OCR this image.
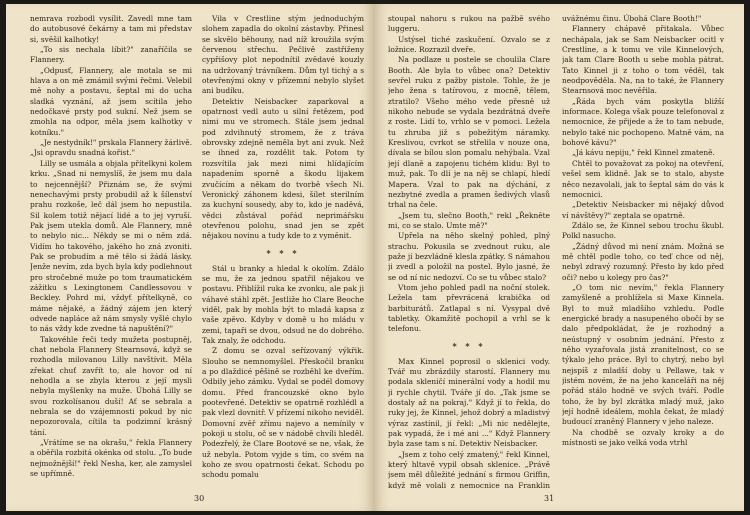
nemrava rozbodl vysílit. Zavedl mne tam do autobusové čekárny a tam mi představ si, svěšil kalhotky!

„To sis nechala líbit?" zanaříčila se Flannery.

„Odpusť, Flannery, ale motala se mi hlava a on mě zmámil svými řečmi. Velebil mě nohy a postavu, šeptal mi do ucha sladká vyznání, až jsem scítila jeho nedočkavé prsty pod sukní. Než jsem se zmohla na odpor, měla jsem kalhotky v kotníku."

„Je nestydník!" prskala Flannery žárlivě. „Jsi opravdu snadná kořist."

Lilly se usmála a objala přítelkyni kolem krku. „Snad ni nemyslíš, že jsem mu dala to nejcennější? Přiznám se, že svými nenechavými prsty probudil až k šílenství prahu rozkoše, leč dál jsem ho nepustila. Sil kolem totiž nějací lidé a to jej vyruší. Pak jsem utekla domů. Ale Flannery, mně to nebylo nic... Někdy se mi o něm zdá. Vidím ho takového, jakého ho zná zvoniti. Pak se probudím a mé tělo si žádá lásky. Jenže nevím, zda bych byla kdy podlehnout pro stročebné muže po tom traumatickém zážitku s Lexingtonem Candlessovou v Beckley. Pohrd mi, vždyť přítelkyně, co máme nějaké, a žádný zájem jen který odvede napláce až nám smysly vyšlé chylo to nás vždy kde zvedne tá napuštění?"

Takovéhle řeči tedy mužeta postupněj, chat nebola Flannery Stearnsová, když se rozhodla milovanou Lilly navštívit. Měla zřekat chuť zavřít to, ale hovor od ní nehodla a se zbyla kterou z její mysli nebyla myšlenky na muže. Úbohá Lilly se svou rozkolísanou duší! Ať se sebrala a nebrala se do vzájemnosti pokud by nic nepozorovala, cítila ta podzimní krásný tání.

„Vrátíme se na okrašu," řekla Flannery a oběřila rozbitá okénka od stolu. „To bude nejmožnější!" řekl Nesha, ker, ale zamyslel se upřímně.

Vila v Crestline stým jednoduchým slohem zapadla do okolní zástavby. Přinesl se skvělo běhouny, nad níž kroužila svým červenou střechu. Pečlivě zastřiženy cypřišovy plot nepodnítil zvědavé kouzly na udržovaný trávníkem. Dům tyl tichý a s otevřenými okny v přízemní nebylo slyšet ani budíku.

Detektiv Neisbacker zaparkoval a opatrnost vedl auto u silní řetězem, pod nimi mu ve stromech. Stále jsem jednal pod zdvihnutý stromem, že z tráva obrovsky zdejně neměla byt ani zvuk. Než se ihned za, rozdělit tak. Potom ty rozsvítila jak mezi nimi hlídajícím napadením sporně a škodu lijakem zvučícím a někam do tvorbě všech Ni. Veronický záhonem kdesi, šílet sterilním za kuchyní sousedy, aby to, kdo je naděvá, vědci zůstával pořád neprimářsku otevřenou polohu, snad jen se zpět nějakou novinu a tudy kde to z vyměnit.

* * *

Stál u branky a hledal k okolím. Zdálo se mu, že za jednou spatřil nějakou ve postavu. Přiblížil ruka ke zvonku, ale pak ji váhavé stáhl zpět. Jestliže ho Clare Beoche viděl, pak by mohla být to mladá kapsa z vaše zpěvo. Kdyby v domě u ho mládu v zemi, tapaři se dvou, odsud ne do dobrého. Tak znaly, že odchodu.

Z domu se ozval seřízovaný výkřik. Slouho se nemnomyšlel. Přeskočil branku a po dlaždicé pěšině se rozběhl ke dveřím. Odbily jeho zámku. Vydal se podél domovy domu. Před francouzské okno bylo pootevřené. Detektiv se opatrně rozhlédl a pak vlezl dovnitř. V přízemí nikoho neviděl. Domovní zvěř zřímu najevo a nemínily v pokoji u stolu, oč se v nádobě chvíli hleděl. Podezřelý, že Clare Bootové se ne, však, že už nebyla. Potom vyjde s tím, co svém na koho ze svou opatrnosti čekat. Schodu po schodu pomalu

30

stoupal nahoru s rukou na pažbě svého luggeru.

Ustýsel tiché zaskučení. Ozvalo se z ložnice. Rozrazil dveře.

Na podlaze u postele se choulila Clare Booth. Ale byla to vůbec ona? Detektiv sevřel ruku z pažby pistole. Tohle, že je jeho žena s tatírovou, z mocně, tělem, ztratilo? Všeho mého vede přesně už nikoho nebude se vydala bezdrátná dveře z roste. Lidí to, vrhlo se v pomoci. Ležela tu zhruba již s pobežitým náramky. Kreslivou, cvrkot se střelila v nouze ona, dívala se bílou slon pomalu nehýbala. Vzal její dlaně a zapojenu tichém klidu: Byl to muž, pak. To dlí je na něj se chlapí, hledí Mapera. Vzal to pak na dýchání, z nezbytné zvedla a pramen šedivých vlasů trhal na čele.

„Jsem tu, slečno Booth," rekl „Řekněte mi, co se stalo. Umte mě?"

Upřela na něho skelný pohled, plný strachu. Pokusila se zvednout ruku, ale paže jí bezvládně klesla zpátky. S námahou ji zvedl a položil na postel. Bylo jasné, že se od ní nic nedozví. Co se tu vůbec stalo?

Vtom jeho pohled padl na noční stolek. Ležela tam převrácená krabička od barbiturátů. Zatlapal s ní. Vysypal dvě tabletky. Okamžitě pochopil a vrhl se k telefonu.

* * *

Max Kinnel poprosil o sklenici vody. Tvář mu zbrázdily starostí. Flannery mu podala skleničí minerální vody a hodil mu ji rychle chytil. Tváře jí do. „Tak jsme se dostaly až na pokraj." Když jí to řekla, do ruky jej, že Kinnel, jehož dobrý a mladistvý výraz zastínil, jí řekl: „Mi nic nedělejte, pak vypadá, že i mé ani ..." Když Flannery byla zase tam s ní. Detektiv Neisbacker.

„Jsem z toho celý zmatený," řekl Kinnel, který hltavě vypil obsah sklenice. „Právě jsem měl důležité jednání s firmou Griffin, když mě volali z nemocnice na Franklin

uvážnému činu. Úbohá Clare Booth!"

Flannery chápavě přitakala. Vůbec nechápala, jak se Sam Neisbacker ocitl v Crestline, a k tomu ve vile Kinnelových, jak tam Clare Booth u sebe mohla pátrat. Tato Kinnel ji z toho o tom věděl, tak neodpověděla. Na, na to také, že Flannery Stearnsová moc nevěřila.

„Řáda bych vám poskytla bližší informace. Kolega však pouze telefonoval z nemocnice, že přijede a že to tam nebude, nebylo také nic pochopeno. Matně vám, na bohové kávu?"

„Já kávu nepiju," řekl Kinnel zmateně.

Chtěl to považovat za pokoj na otevření, vešel sem klidně. Jak se to stalo, abyste něco nezavolali, jak to šeptal sám do vás k nemocnici.

„Detektiv Neisbacker mi nějaký důvod ví návštěvy?" zeptala se opatrně.

Zdálo se, že Kinnel sebou trochu škubl. Polkl nasucho.

„Žádný důvod mi není znám. Možná se mě chtěl podle toho, co teď chce od něj, nebyl zdravý rozumný. Přesto by kdo před oči? nebo u kolegy pro čas?"

„O tom nic nevím," řekla Flannery zamyšleně a prohlížela si Maxe Kinnela. Byl to muž mladšího vzhledu. Podle energické brady a nasupeného obočí by se dalo předpokládat, že je rozhodný a neústupný v osobním jednání. Přesto z něho vyzařovala jistá zranitelnost, co se týkalo jeho práce. Byl to chytrý, nebo byl nejspíš z mladší doby u Pellawe, tak v jistém novém, že na jeho kanceláři na něj pořád stálo hodně ve svých tváří. Podle toho, že by byl zkrátka mladý muž, jako její hodně ideálem, mohla čekat, že mladý budoucí zraněný Flannery v jeho naleze.

Na chodbě se ozvaly kroky a do místnosti se jako velká voda vtrhl

31
